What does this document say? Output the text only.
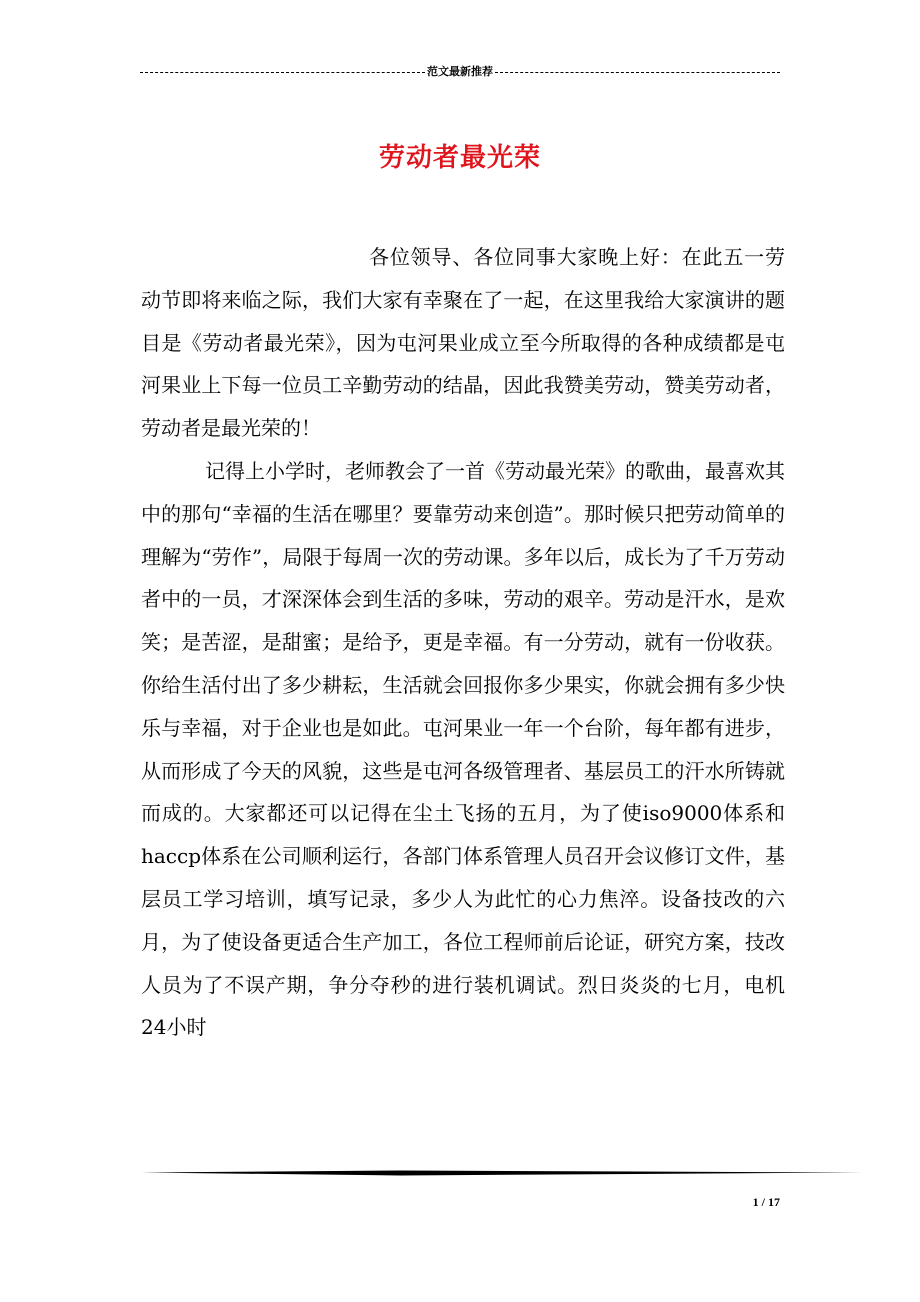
范文最新推荐
劳动者最光荣

各位领导、各位同事大家晚上好：在此五一劳动节即将来临之际，我们大家有幸聚在了一起，在这里我给大家演讲的题目是《劳动者最光荣》，因为屯河果业成立至今所取得的各种成绩都是屯河果业上下每一位员工辛勤劳动的结晶，因此我赞美劳动，赞美劳动者，劳动者是最光荣的！

记得上小学时，老师教会了一首《劳动最光荣》的歌曲，最喜欢其中的那句“幸福的生活在哪里？要靠劳动来创造”。那时候只把劳动简单的理解为“劳作”，局限于每周一次的劳动课。多年以后，成长为了千万劳动者中的一员，才深深体会到生活的多味，劳动的艰辛。劳动是汗水，是欢笑；是苦涩，是甜蜜；是给予，更是幸福。有一分劳动，就有一份收获。你给生活付出了多少耕耘，生活就会回报你多少果实，你就会拥有多少快乐与幸福，对于企业也是如此。屯河果业一年一个台阶，每年都有进步，从而形成了今天的风貌，这些是屯河各级管理者、基层员工的汗水所铸就而成的。大家都还可以记得在尘土飞扬的五月，为了使iso9000体系和haccp体系在公司顺利运行，各部门体系管理人员召开会议修订文件，基层员工学习培训，填写记录，多少人为此忙的心力焦淬。设备技改的六月，为了使设备更适合生产加工，各位工程师前后论证，研究方案，技改人员为了不误产期，争分夺秒的进行装机调试。烈日炎炎的七月，电机24小时

1 / 17
